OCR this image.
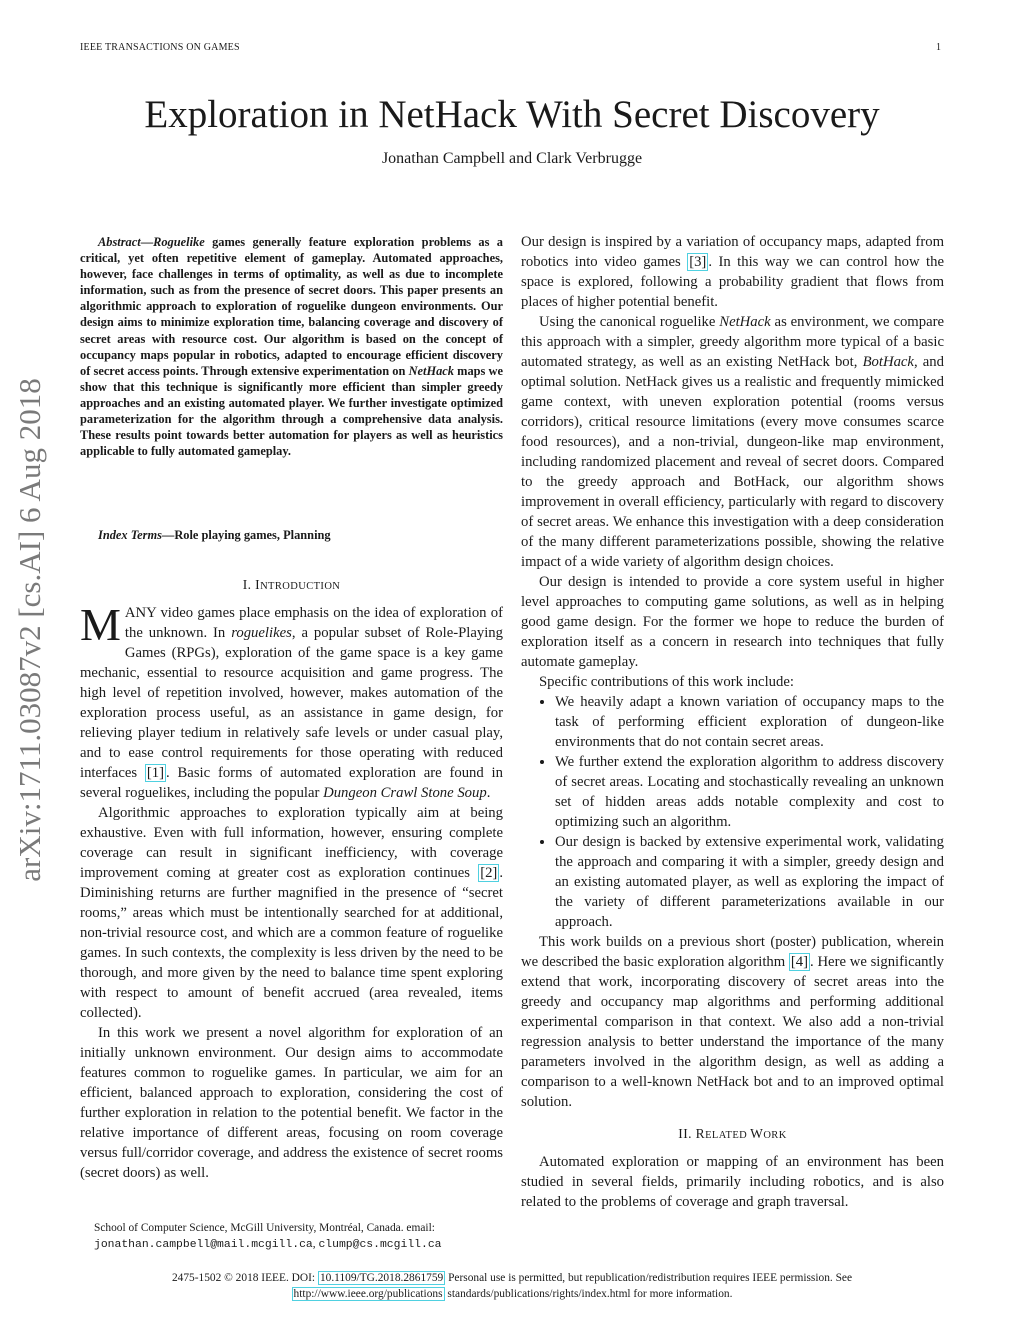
IEEE TRANSACTIONS ON GAMES	1
Exploration in NetHack With Secret Discovery
Jonathan Campbell and Clark Verbrugge
arXiv:1711.03087v2 [cs.AI] 6 Aug 2018
Abstract—Roguelike games generally feature exploration problems as a critical, yet often repetitive element of gameplay. Automated approaches, however, face challenges in terms of optimality, as well as due to incomplete information, such as from the presence of secret doors. This paper presents an algorithmic approach to exploration of roguelike dungeon environments. Our design aims to minimize exploration time, balancing coverage and discovery of secret areas with resource cost. Our algorithm is based on the concept of occupancy maps popular in robotics, adapted to encourage efficient discovery of secret access points. Through extensive experimentation on NetHack maps we show that this technique is significantly more efficient than simpler greedy approaches and an existing automated player. We further investigate optimized parameterization for the algorithm through a comprehensive data analysis. These results point towards better automation for players as well as heuristics applicable to fully automated gameplay.
Index Terms—Role playing games, Planning
I. INTRODUCTION

MANY video games place emphasis on the idea of exploration of the unknown. In roguelikes, a popular subset of Role-Playing Games (RPGs), exploration of the game space is a key game mechanic, essential to resource acquisition and game progress. The high level of repetition involved, however, makes automation of the exploration process useful, as an assistance in game design, for relieving player tedium in relatively safe levels or under casual play, and to ease control requirements for those operating with reduced interfaces [1] . Basic forms of automated exploration are found in several roguelikes, including the popular Dungeon Crawl Stone Soup.

Algorithmic approaches to exploration typically aim at being exhaustive. Even with full information, however, ensuring complete coverage can result in significant inefficiency, with coverage improvement coming at greater cost as exploration continues [2] . Diminishing returns are further magnified in the presence of “secret rooms,” areas which must be intentionally searched for at additional, non-trivial resource cost, and which are a common feature of roguelike games. In such contexts, the complexity is less driven by the need to be thorough, and more given by the need to balance time spent exploring with respect to amount of benefit accrued (area revealed, items collected).

In this work we present a novel algorithm for exploration of an initially unknown environment. Our design aims to accommodate features common to roguelike games. In particular, we aim for an efficient, balanced approach to exploration, considering the cost of further exploration in relation to the potential benefit. We factor in the relative importance of different areas, focusing on room coverage versus full/corridor coverage, and address the existence of secret rooms (secret doors) as well.

School of Computer Science, McGill University, Montréal, Canada. email:
jonathan.campbell@mail.mcgill.ca, clump@cs.mcgill.ca

Our design is inspired by a variation of occupancy maps, adapted from robotics into video games [3] . In this way we can control how the space is explored, following a probability gradient that flows from places of higher potential benefit.

Using the canonical roguelike NetHack as environment, we compare this approach with a simpler, greedy algorithm more typical of a basic automated strategy, as well as an existing NetHack bot, BotHack, and optimal solution. NetHack gives us a realistic and frequently mimicked game context, with uneven exploration potential (rooms versus corridors), critical resource limitations (every move consumes scarce food resources), and a non-trivial, dungeon-like map environment, including randomized placement and reveal of secret doors. Compared to the greedy approach and BotHack, our algorithm shows improvement in overall efficiency, particularly with regard to discovery of secret areas. We enhance this investigation with a deep consideration of the many different parameterizations possible, showing the relative impact of a wide variety of algorithm design choices.

Our design is intended to provide a core system useful in higher level approaches to computing game solutions, as well as in helping good game design. For the former we hope to reduce the burden of exploration itself as a concern in research into techniques that fully automate gameplay.

Specific contributions of this work include:

• We heavily adapt a known variation of occupancy maps to the task of performing efficient exploration of dungeon-like environments that do not contain secret areas.
• We further extend the exploration algorithm to address discovery of secret areas. Locating and stochastically revealing an unknown set of hidden areas adds notable complexity and cost to optimizing such an algorithm.
• Our design is backed by extensive experimental work, validating the approach and comparing it with a simpler, greedy design and an existing automated player, as well as exploring the impact of the variety of different parameterizations available in our approach.

This work builds on a previous short (poster) publication, wherein we described the basic exploration algorithm [4] . Here we significantly extend that work, incorporating discovery of secret areas into the greedy and occupancy map algorithms and performing additional experimental comparison in that context. We also add a non-trivial regression analysis to better understand the importance of the many parameters involved in the algorithm design, as well as adding a comparison to a well-known NetHack bot and to an improved optimal solution.

II. RELATED WORK

Automated exploration or mapping of an environment has been studied in several fields, primarily including robotics, and is also related to the problems of coverage and graph traversal.

2475-1502 © 2018 IEEE. DOI: 10.1109/TG.2018.2861759 Personal use is permitted, but republication/redistribution requires IEEE permission. See
http://www.ieee.org/publications standards/publications/rights/index.html for more information.
